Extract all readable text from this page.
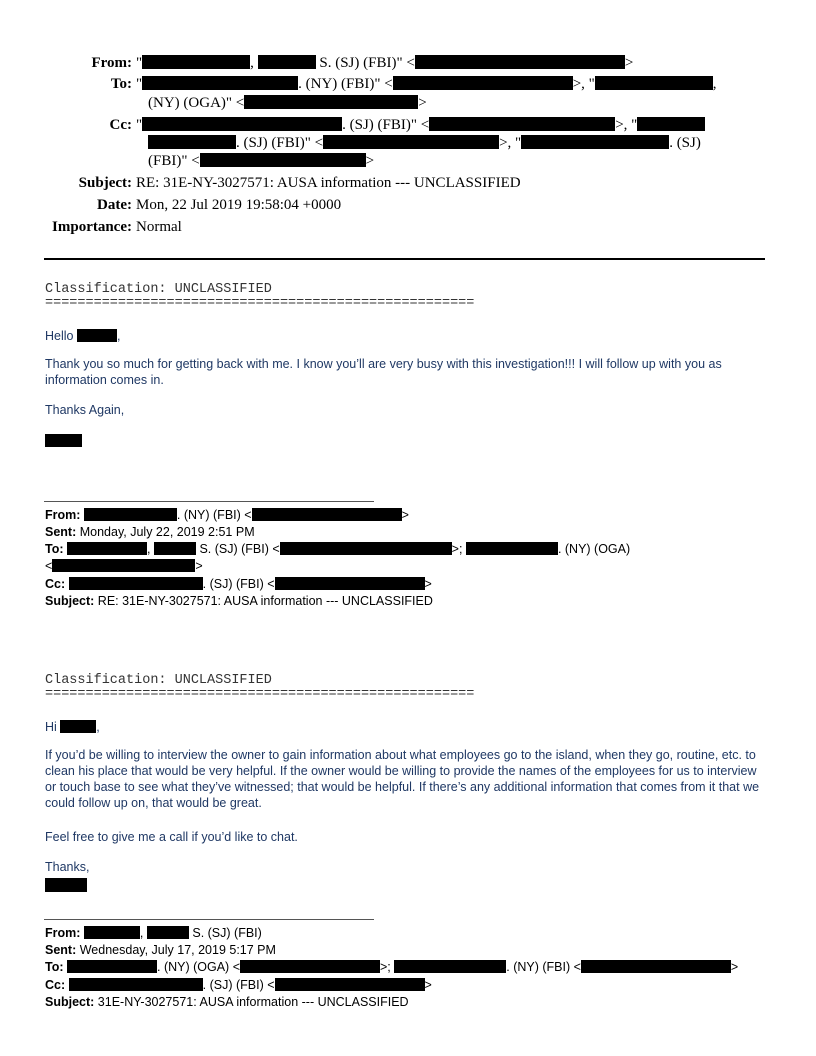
From: "	,	S. (SJ) (FBI)" <	>
To: "	. (NY) (FBI)" <	>, "	,
(NY) (OGA)" <	>
Cc: "	. (SJ) (FBI)" <	>, "
. (SJ) (FBI)" <	>, "	. (SJ)
(FBI)" <	>
Subject: RE: 31E-NY-3027571: AUSA information --- UNCLASSIFIED
Date: Mon, 22 Jul 2019 19:58:04 +0000
Importance: Normal
Classification: UNCLASSIFIED
=====================================================
Hello	,
Thank you so much for getting back with me. I know you’ll are very busy with this investigation!!! I will follow up with you as information comes in.
Thanks Again,
From:	. (NY) (FBI) <	>
Sent: Monday, July 22, 2019 2:51 PM
To:	,	S. (SJ) (FBI) <	>;	. (NY) (OGA)
<	>
Cc:	. (SJ) (FBI) <	>
Subject: RE: 31E-NY-3027571: AUSA information --- UNCLASSIFIED
Classification: UNCLASSIFIED
=====================================================
Hi	,
If you’d be willing to interview the owner to gain information about what employees go to the island, when they go, routine, etc. to clean his place that would be very helpful. If the owner would be willing to provide the names of the employees for us to interview or touch base to see what they’ve witnessed; that would be helpful. If there’s any additional information that comes from it that we could follow up on, that would be great.
Feel free to give me a call if you’d like to chat.
Thanks,
From:	,	S. (SJ) (FBI)
Sent: Wednesday, July 17, 2019 5:17 PM
To:	. (NY) (OGA) <	>;	. (NY) (FBI) <	>
Cc:	. (SJ) (FBI) <	>
Subject: 31E-NY-3027571: AUSA information --- UNCLASSIFIED
